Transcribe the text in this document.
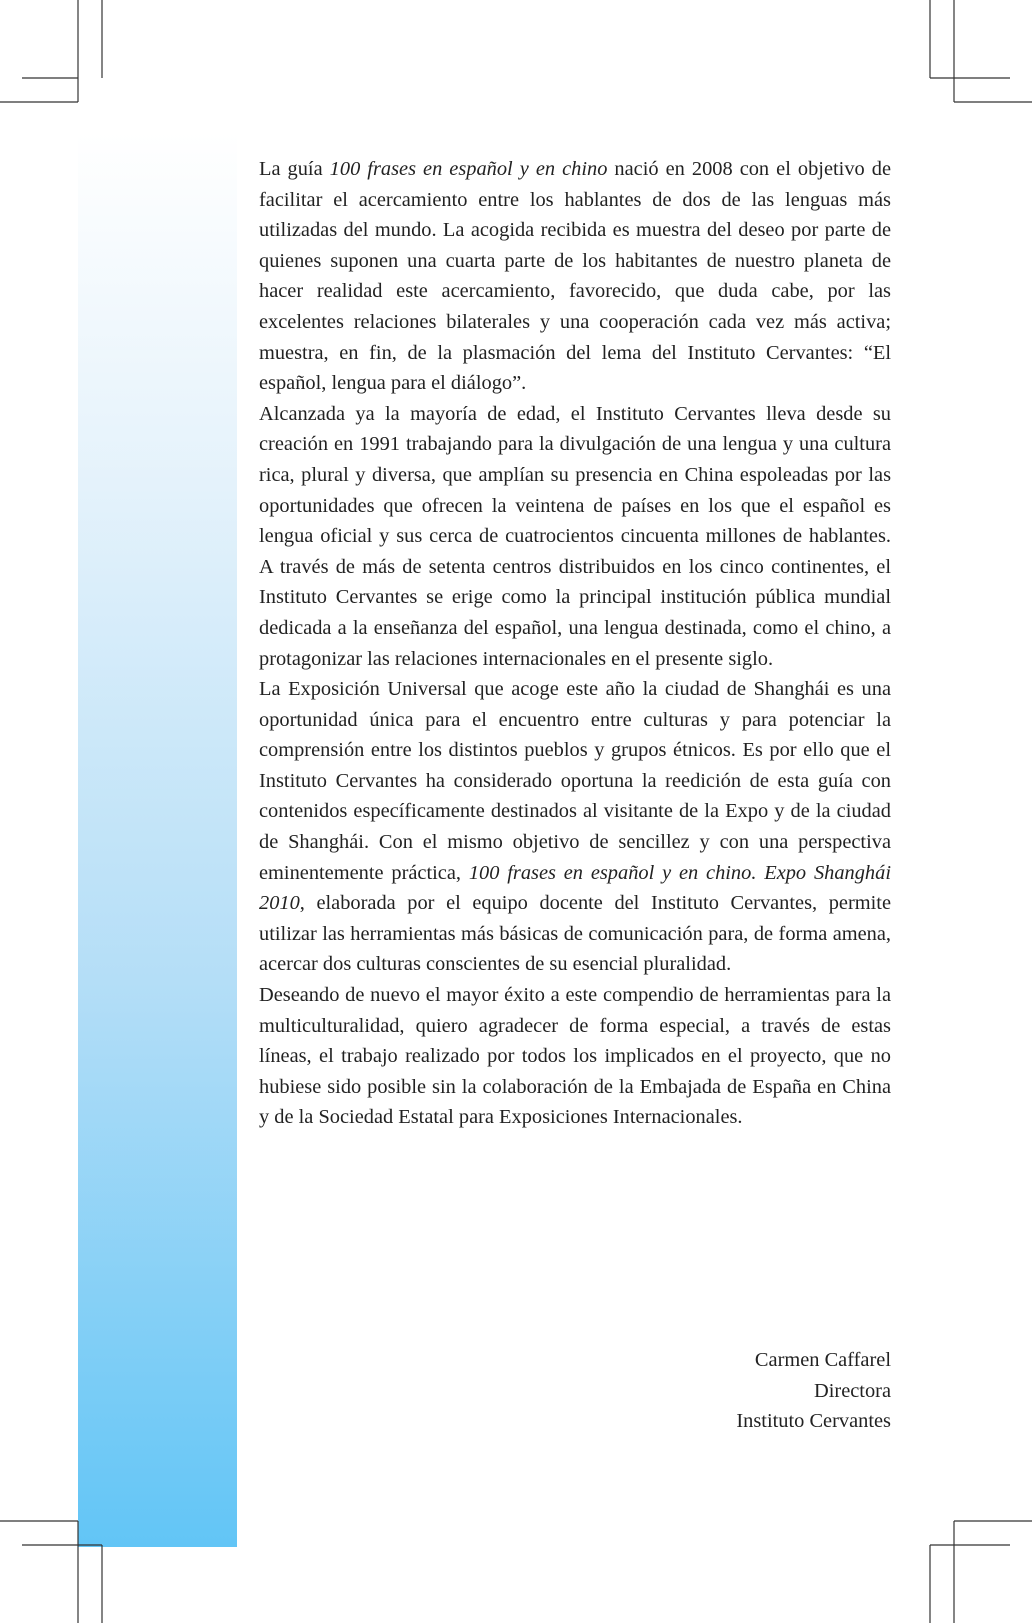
La guía 100 frases en español y en chino nació en 2008 con el objetivo de facilitar el acercamiento entre los hablantes de dos de las lenguas más utilizadas del mundo. La acogida recibida es muestra del deseo por parte de quienes suponen una cuarta parte de los habitantes de nuestro planeta de hacer realidad este acercamiento, favorecido, que duda cabe, por las excelentes relaciones bilaterales y una cooperación cada vez más activa; muestra, en fin, de la plasmación del lema del Instituto Cervantes: “El español, lengua para el diálogo”.

Alcanzada ya la mayoría de edad, el Instituto Cervantes lleva desde su creación en 1991 trabajando para la divulgación de una lengua y una cultura rica, plural y diversa, que amplían su presencia en China espoleadas por las oportunidades que ofrecen la veintena de países en los que el español es lengua oficial y sus cerca de cuatrocientos cincuenta millones de hablantes. A través de más de setenta centros distribuidos en los cinco continentes, el Instituto Cervantes se erige como la principal institución pública mundial dedicada a la enseñanza del español, una lengua destinada, como el chino, a protagonizar las relaciones internacionales en el presente siglo.

La Exposición Universal que acoge este año la ciudad de Shanghái es una oportunidad única para el encuentro entre culturas y para potenciar la comprensión entre los distintos pueblos y grupos étnicos. Es por ello que el Instituto Cervantes ha considerado oportuna la reedición de esta guía con contenidos específicamente destinados al visitante de la Expo y de la ciudad de Shanghái. Con el mismo objetivo de sencillez y con una perspectiva eminentemente práctica, 100 frases en español y en chino. Expo Shanghái 2010, elaborada por el equipo docente del Instituto Cervantes, permite utilizar las herramientas más básicas de comunicación para, de forma amena, acercar dos culturas conscientes de su esencial pluralidad.

Deseando de nuevo el mayor éxito a este compendio de herramientas para la multiculturalidad, quiero agradecer de forma especial, a través de estas líneas, el trabajo realizado por todos los implicados en el proyecto, que no hubiese sido posible sin la colaboración de la Embajada de España en China y de la Sociedad Estatal para Exposiciones Internacionales.

Carmen Caffarel
Directora
Instituto Cervantes
